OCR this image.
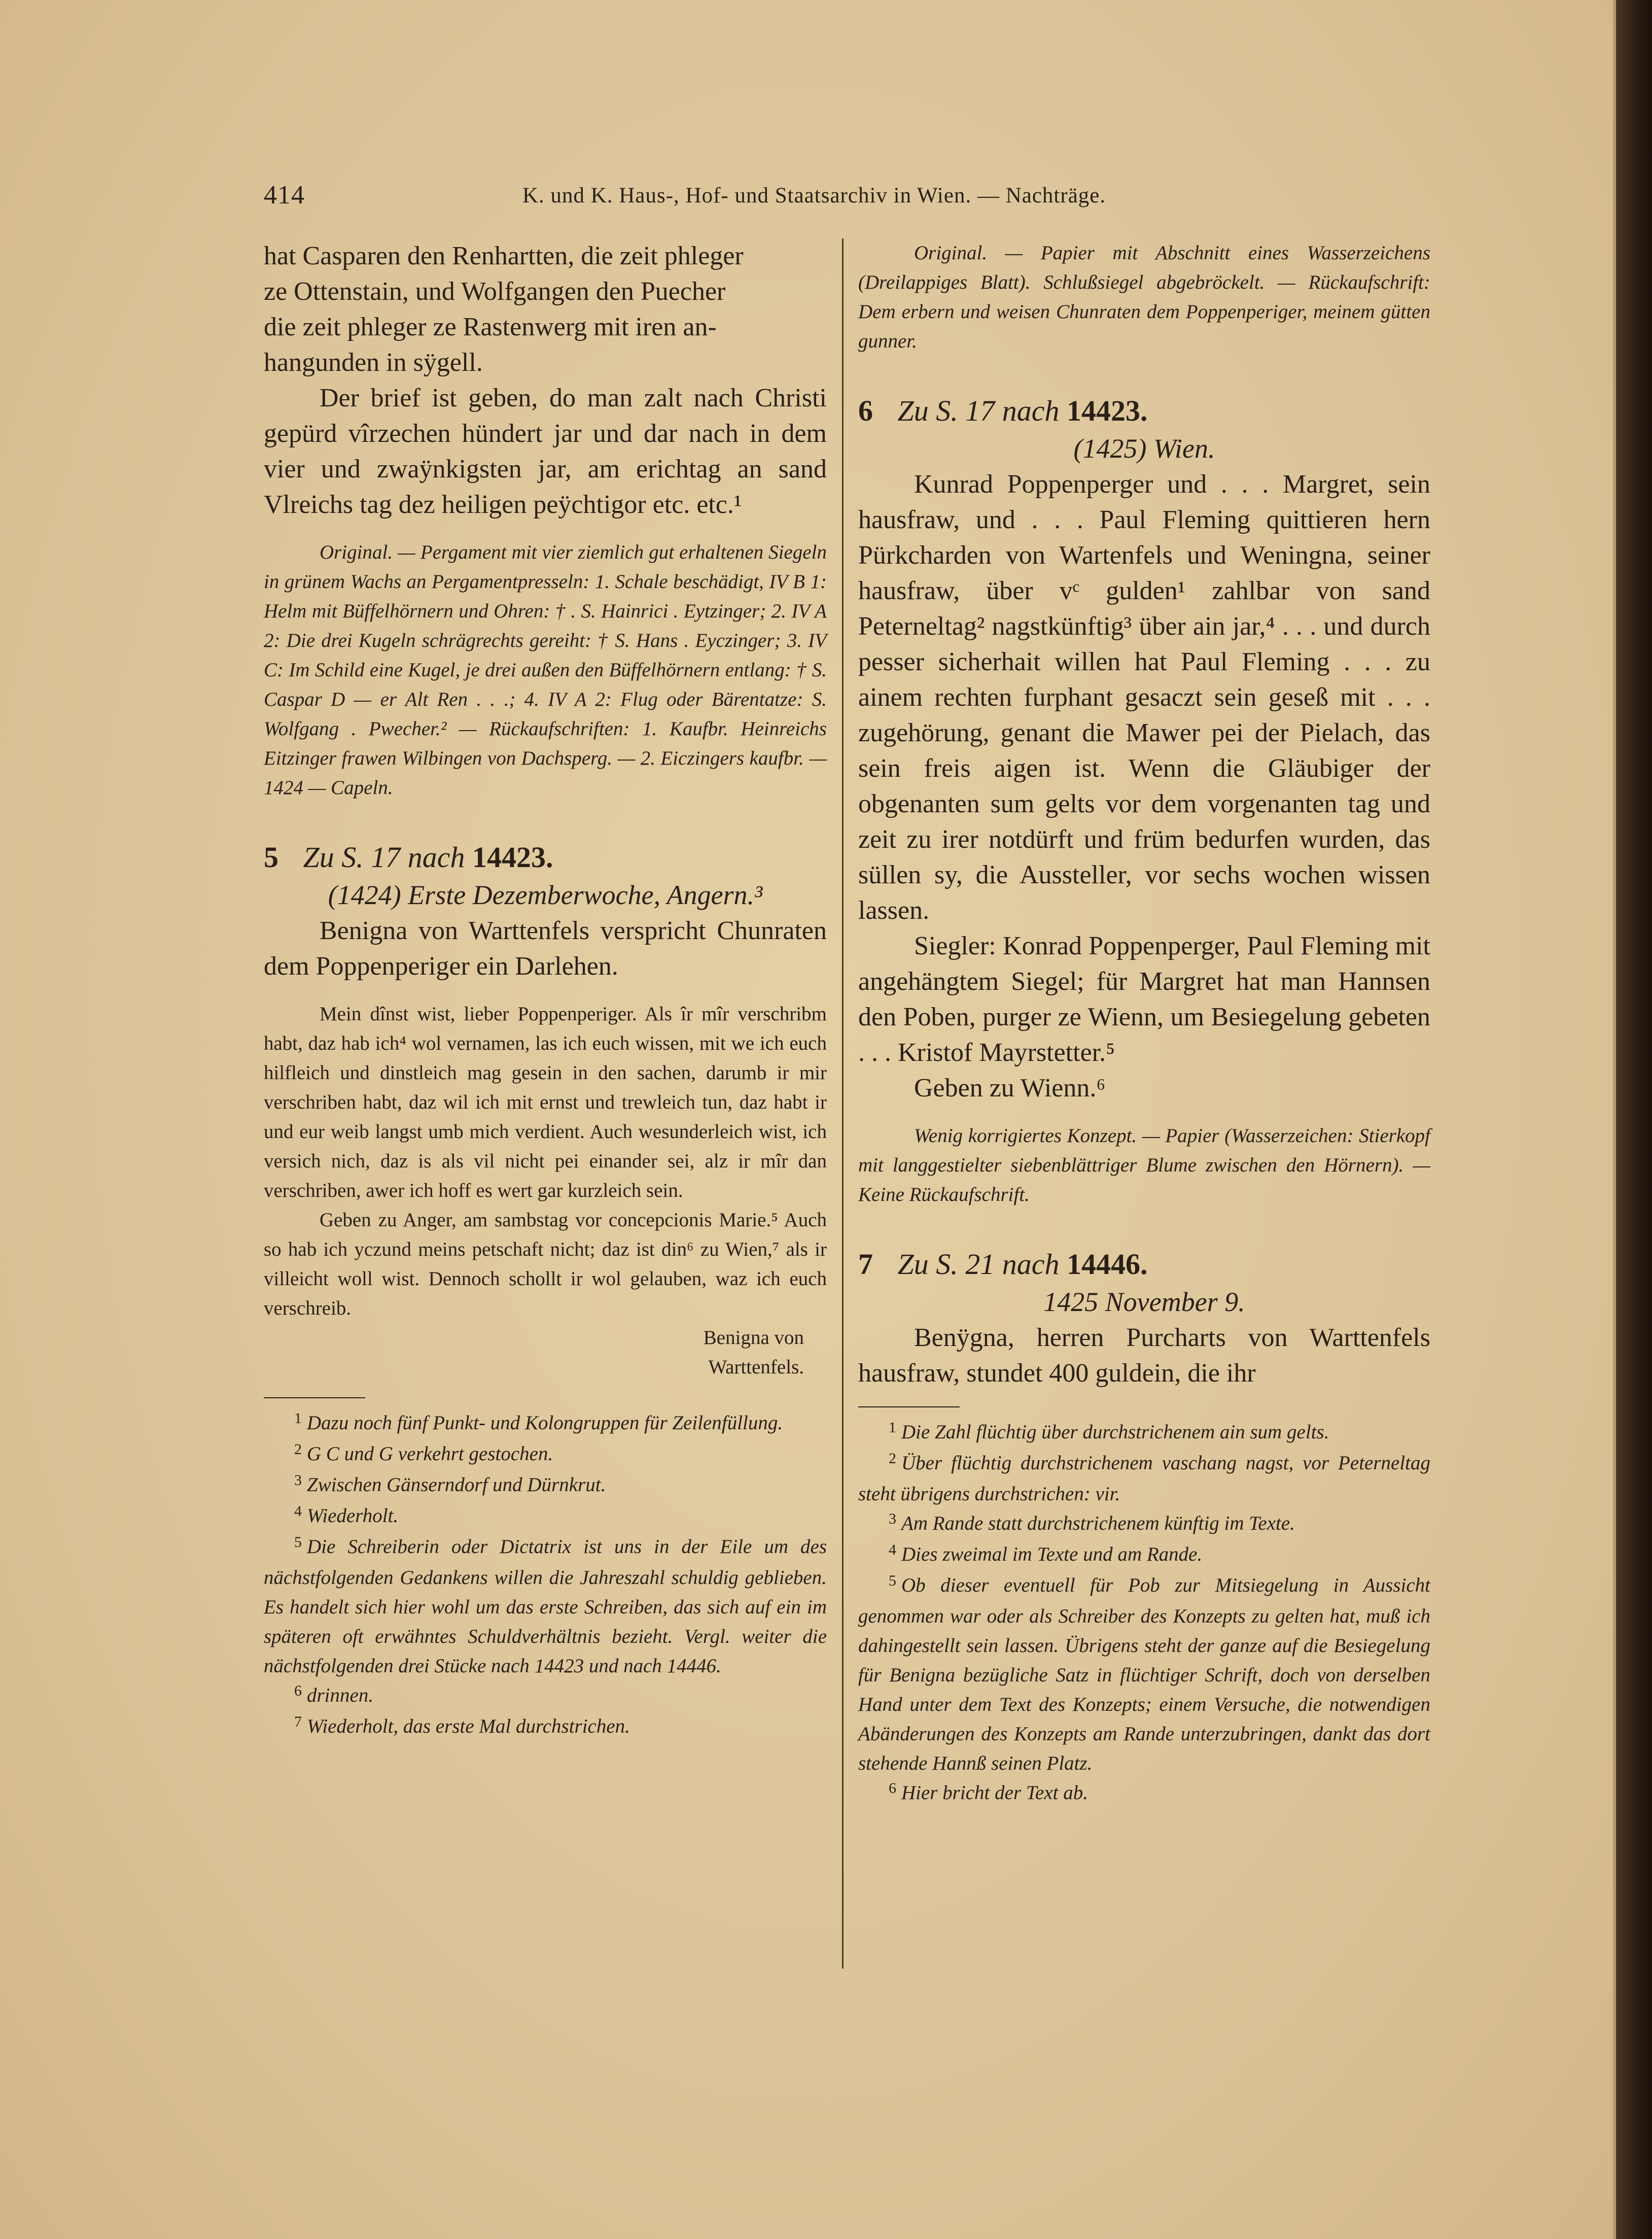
414	K. und K. Haus-, Hof- und Staatsarchiv in Wien. — Nachträge.

hat Casparen den Renhartten, die zeit phleger

ze Ottenstain, und Wolfgangen den Puecher

die zeit phleger ze Rastenwerg mit iren an-

hangunden in sÿgell.

Der brief ist geben, do man zalt nach Christi gepürd vîrzechen hündert jar und dar nach in dem vier und zwaÿnkigsten jar, am erichtag an sand Vlreichs tag dez heiligen peÿchtigor etc. etc.¹

Original. — Pergament mit vier ziemlich gut erhaltenen Siegeln in grünem Wachs an Pergamentpresseln: 1. Schale beschädigt, IV B 1: Helm mit Büffelhörnern und Ohren: † . S. Hainrici . Eytzinger; 2. IV A 2: Die drei Kugeln schrägrechts gereiht: † S. Hans . Eyczinger; 3. IV C: Im Schild eine Kugel, je drei außen den Büffelhörnern entlang: † S. Caspar D — er Alt Ren . . .; 4. IV A 2: Flug oder Bärentatze: S. Wolfgang . Pwecher.² — Rückaufschriften: 1. Kaufbr. Heinreichs Eitzinger frawen Wilbingen von Dachsperg. — 2. Eiczingers kaufbr. — 1424 — Capeln.

5 Zu S. 17 nach 14423.

(1424) Erste Dezemberwoche, Angern.³

Benigna von Warttenfels verspricht Chunraten dem Poppenperiger ein Darlehen.

Mein dînst wist, lieber Poppenperiger. Als îr mîr verschribm habt, daz hab ich⁴ wol vernamen, las ich euch wissen, mit we ich euch hilfleich und dinstleich mag gesein in den sachen, darumb ir mir verschriben habt, daz wil ich mit ernst und trewleich tun, daz habt ir und eur weib langst umb mich verdient. Auch wesunderleich wist, ich versich nich, daz is als vil nicht pei einander sei, alz ir mîr dan verschriben, awer ich hoff es wert gar kurzleich sein.

Geben zu Anger, am sambstag vor concepcionis Marie.⁵ Auch so hab ich yczund meins petschaft nicht; daz ist din⁶ zu Wien,⁷ als ir villeicht woll wist. Dennoch schollt ir wol gelauben, waz ich euch verschreib.

Benigna von

Warttenfels.

$^1$ Dazu noch fünf Punkt- und Kolongruppen für Zeilenfüllung.

$^2$ G C und G verkehrt gestochen.

$^3$ Zwischen Gänserndorf und Dürnkrut.

$^4$ Wiederholt.

$^5$ Die Schreiberin oder Dictatrix ist uns in der Eile um des nächstfolgenden Gedankens willen die Jahreszahl schuldig geblieben. Es handelt sich hier wohl um das erste Schreiben, das sich auf ein im späteren oft erwähntes Schuldverhältnis bezieht. Vergl. weiter die nächstfolgenden drei Stücke nach 14423 und nach 14446.

$^6$ drinnen.

$^7$ Wiederholt, das erste Mal durchstrichen.

Original. — Papier mit Abschnitt eines Wasserzeichens (Dreilappiges Blatt). Schlußsiegel abgebröckelt. — Rückaufschrift: Dem erbern und weisen Chunraten dem Poppenperiger, meinem gütten gunner.

6 Zu S. 17 nach 14423.

(1425) Wien.

Kunrad Poppenperger und . . . Margret, sein hausfraw, und . . . Paul Fleming quittieren hern Pürkcharden von Wartenfels und Weningna, seiner hausfraw, über vᶜ gulden¹ zahlbar von sand Peterneltag² nagstkünftig³ über ain jar,⁴ . . . und durch pesser sicherhait willen hat Paul Fleming . . . zu ainem rechten furphant gesaczt sein geseß mit . . . zugehörung, genant die Mawer pei der Pielach, das sein freis aigen ist. Wenn die Gläubiger der obgenanten sum gelts vor dem vorgenanten tag und zeit zu irer notdürft und früm bedurfen wurden, das süllen sy, die Aussteller, vor sechs wochen wissen lassen.

Siegler: Konrad Poppenperger, Paul Fleming mit angehängtem Siegel; für Margret hat man Hannsen den Poben, purger ze Wienn, um Besiegelung gebeten . . . Kristof Mayrstetter.⁵

Geben zu Wienn.⁶

Wenig korrigiertes Konzept. — Papier (Wasserzeichen: Stierkopf mit langgestielter siebenblättriger Blume zwischen den Hörnern). — Keine Rückaufschrift.

7 Zu S. 21 nach 14446.

1425 November 9.

Benÿgna, herren Purcharts von Warttenfels hausfraw, stundet 400 guldein, die ihr

$^1$ Die Zahl flüchtig über durchstrichenem ain sum gelts.

$^2$ Über flüchtig durchstrichenem vaschang nagst, vor Peterneltag steht übrigens durchstrichen: vir.

$^3$ Am Rande statt durchstrichenem künftig im Texte.

$^4$ Dies zweimal im Texte und am Rande.

$^5$ Ob dieser eventuell für Pob zur Mitsiegelung in Aussicht genommen war oder als Schreiber des Konzepts zu gelten hat, muß ich dahingestellt sein lassen. Übrigens steht der ganze auf die Besiegelung für Benigna bezügliche Satz in flüchtiger Schrift, doch von derselben Hand unter dem Text des Konzepts; einem Versuche, die notwendigen Abänderungen des Konzepts am Rande unterzubringen, dankt das dort stehende Hannß seinen Platz.

$^6$ Hier bricht der Text ab.
